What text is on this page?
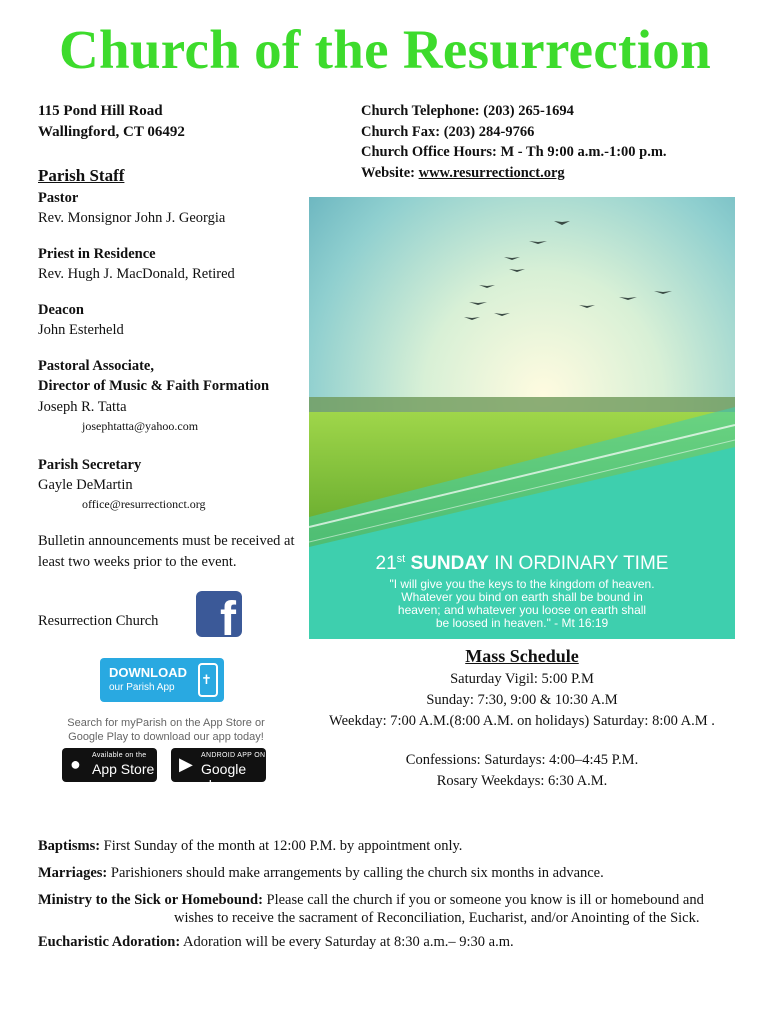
Church of the Resurrection
115 Pond Hill Road
Wallingford, CT 06492
Church Telephone: (203) 265-1694
Church Fax: (203) 284-9766
Church Office Hours: M - Th 9:00 a.m.-1:00 p.m.
Website: www.resurrectionct.org
Parish Staff
Pastor
Rev. Monsignor John J. Georgia
Priest in Residence
Rev. Hugh J. MacDonald, Retired
Deacon
John Esterheld
Pastoral Associate,
Director of Music & Faith Formation
Joseph R. Tatta
josephtatta@yahoo.com
Parish Secretary
Gayle DeMartin
office@resurrectionct.org
Bulletin announcements must be received at
least two weeks prior to the event.
Resurrection Church f
21st SUNDAY IN ORDINARY TIME
"I will give you the keys to the kingdom of heaven.
Whatever you bind on earth shall be bound in
heaven; and whatever you loose on earth shall
be loosed in heaven." - Mt 16:19
Mass Schedule
Saturday Vigil: 5:00 P.M
Sunday: 7:30, 9:00 & 10:30 A.M
Weekday: 7:00 A.M.(8:00 A.M. on holidays) Saturday: 8:00 A.M .
Confessions: Saturdays: 4:00–4:45 P.M.
Rosary Weekdays: 6:30 A.M.
DOWNLOAD
our Parish App
✝
Search for myParish on the App Store or
Google Play to download our app today!
● Available on the
App Store ▶ ANDROID APP ON
Google play
Baptisms: First Sunday of the month at 12:00 P.M. by appointment only.
Marriages: Parishioners should make arrangements by calling the church six months in advance.
Ministry to the Sick or Homebound: Please call the church if you or someone you know is ill or homebound and
wishes to receive the sacrament of Reconciliation, Eucharist, and/or Anointing of the Sick.
Eucharistic Adoration: Adoration will be every Saturday at 8:30 a.m.– 9:30 a.m.
